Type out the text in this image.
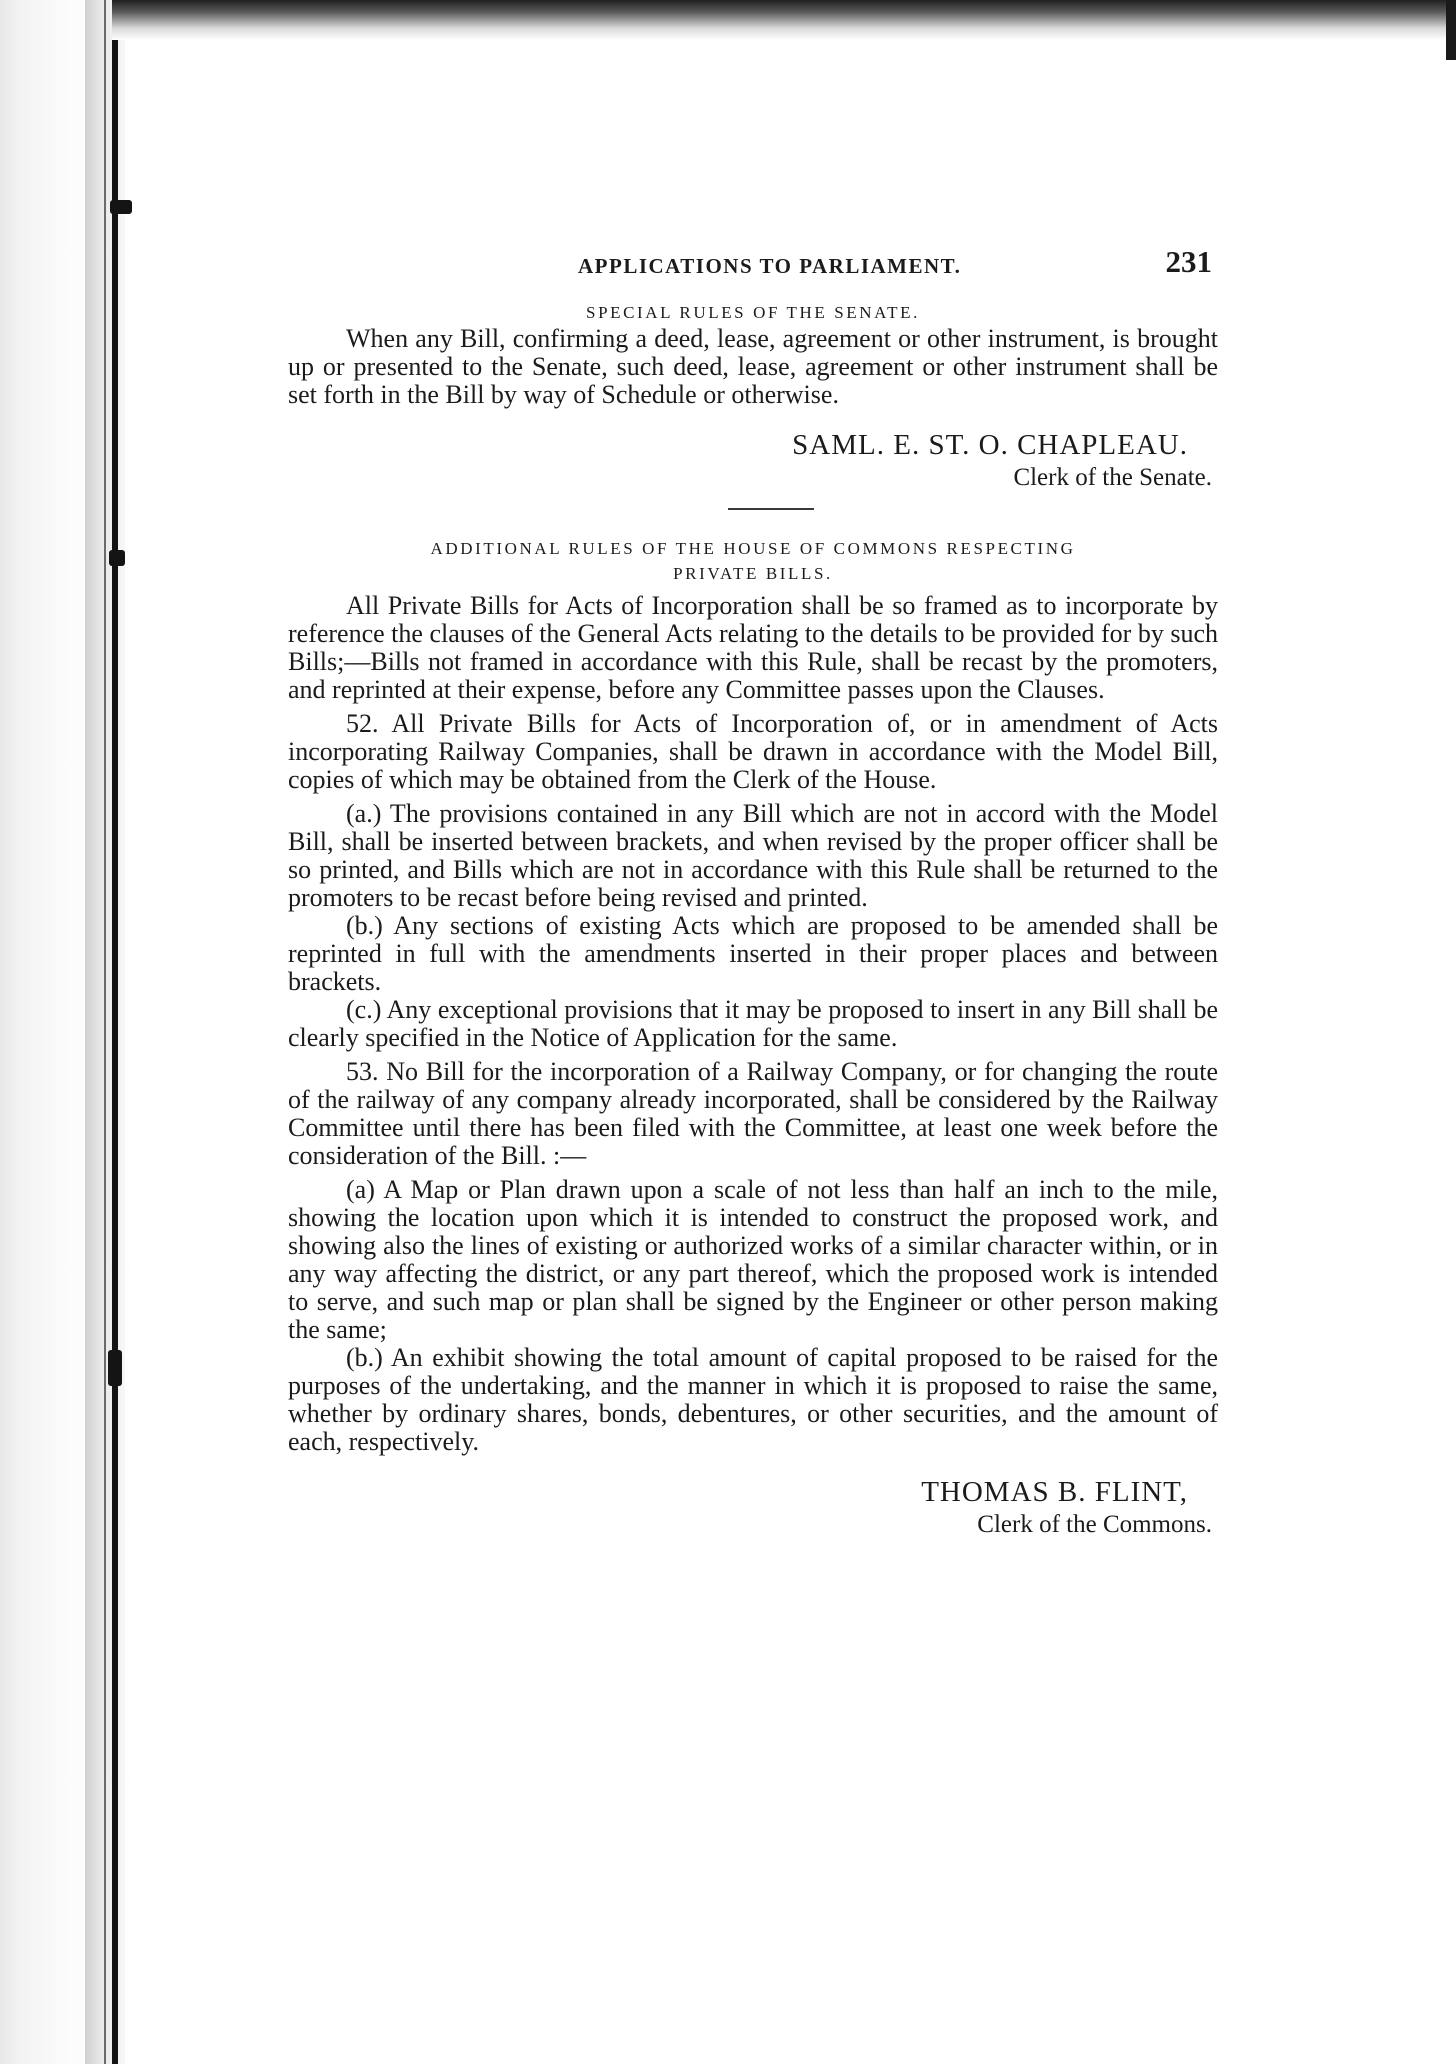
APPLICATIONS TO PARLIAMENT.	231
SPECIAL RULES OF THE SENATE.

When any Bill, confirming a deed, lease, agreement or other instrument, is brought up or presented to the Senate, such deed, lease, agreement or other instrument shall be set forth in the Bill by way of Schedule or otherwise.

SAML. E. ST. O. CHAPLEAU.
Clerk of the Senate.
ADDITIONAL RULES OF THE HOUSE OF COMMONS RESPECTING
PRIVATE BILLS.

All Private Bills for Acts of Incorporation shall be so framed as to incorporate by reference the clauses of the General Acts relating to the details to be provided for by such Bills;—Bills not framed in accordance with this Rule, shall be recast by the promoters, and reprinted at their expense, before any Committee passes upon the Clauses.

52. All Private Bills for Acts of Incorporation of, or in amendment of Acts incorporating Railway Companies, shall be drawn in accordance with the Model Bill, copies of which may be obtained from the Clerk of the House.

(a.) The provisions contained in any Bill which are not in accord with the Model Bill, shall be inserted between brackets, and when revised by the proper officer shall be so printed, and Bills which are not in accordance with this Rule shall be returned to the promoters to be recast before being revised and printed.

(b.) Any sections of existing Acts which are proposed to be amended shall be reprinted in full with the amendments inserted in their proper places and between brackets.

(c.) Any exceptional provisions that it may be proposed to insert in any Bill shall be clearly specified in the Notice of Application for the same.

53. No Bill for the incorporation of a Railway Company, or for changing the route of the railway of any company already incorporated, shall be considered by the Railway Committee until there has been filed with the Committee, at least one week before the consideration of the Bill. :—

(a) A Map or Plan drawn upon a scale of not less than half an inch to the mile, showing the location upon which it is intended to construct the proposed work, and showing also the lines of existing or authorized works of a similar character within, or in any way affecting the district, or any part thereof, which the proposed work is intended to serve, and such map or plan shall be signed by the Engineer or other person making the same;

(b.) An exhibit showing the total amount of capital proposed to be raised for the purposes of the undertaking, and the manner in which it is proposed to raise the same, whether by ordinary shares, bonds, debentures, or other securities, and the amount of each, respectively.

THOMAS B. FLINT,
Clerk of the Commons.
